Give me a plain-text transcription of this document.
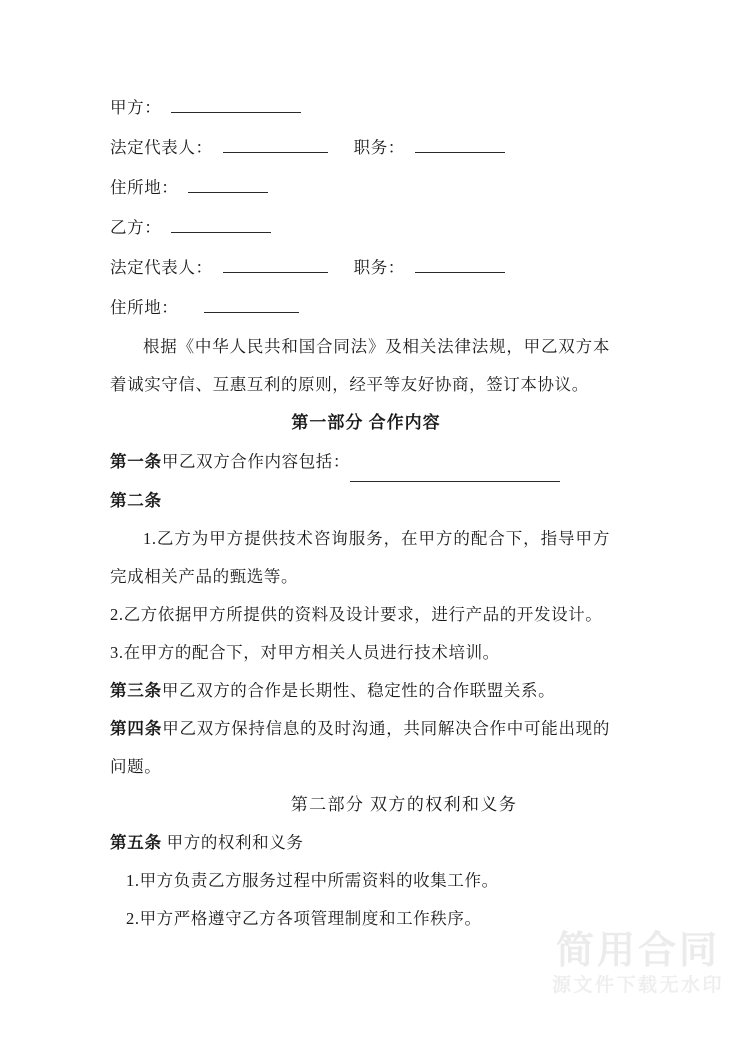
甲方：
法定代表人：	职务：
住所地：
乙方：
法定代表人：	职务：
住所地：

根据《中华人民共和国合同法》及相关法律法规，甲乙双方本着诚实守信、互惠互利的原则，经平等友好协商，签订本协议。

第一部分 合作内容
第一条甲乙双方合作内容包括：
第二条

1.乙方为甲方提供技术咨询服务，在甲方的配合下，指导甲方完成相关产品的甄选等。

2.乙方依据甲方所提供的资料及设计要求，进行产品的开发设计。
3.在甲方的配合下，对甲方相关人员进行技术培训。
第三条甲乙双方的合作是长期性、稳定性的合作联盟关系。

第四条甲乙双方保持信息的及时沟通，共同解决合作中可能出现的问题。

第二部分 双方的权利和义务
第五条 甲方的权利和义务
1.甲方负责乙方服务过程中所需资料的收集工作。
2.甲方严格遵守乙方各项管理制度和工作秩序。
简用合同
源文件下载无水印
